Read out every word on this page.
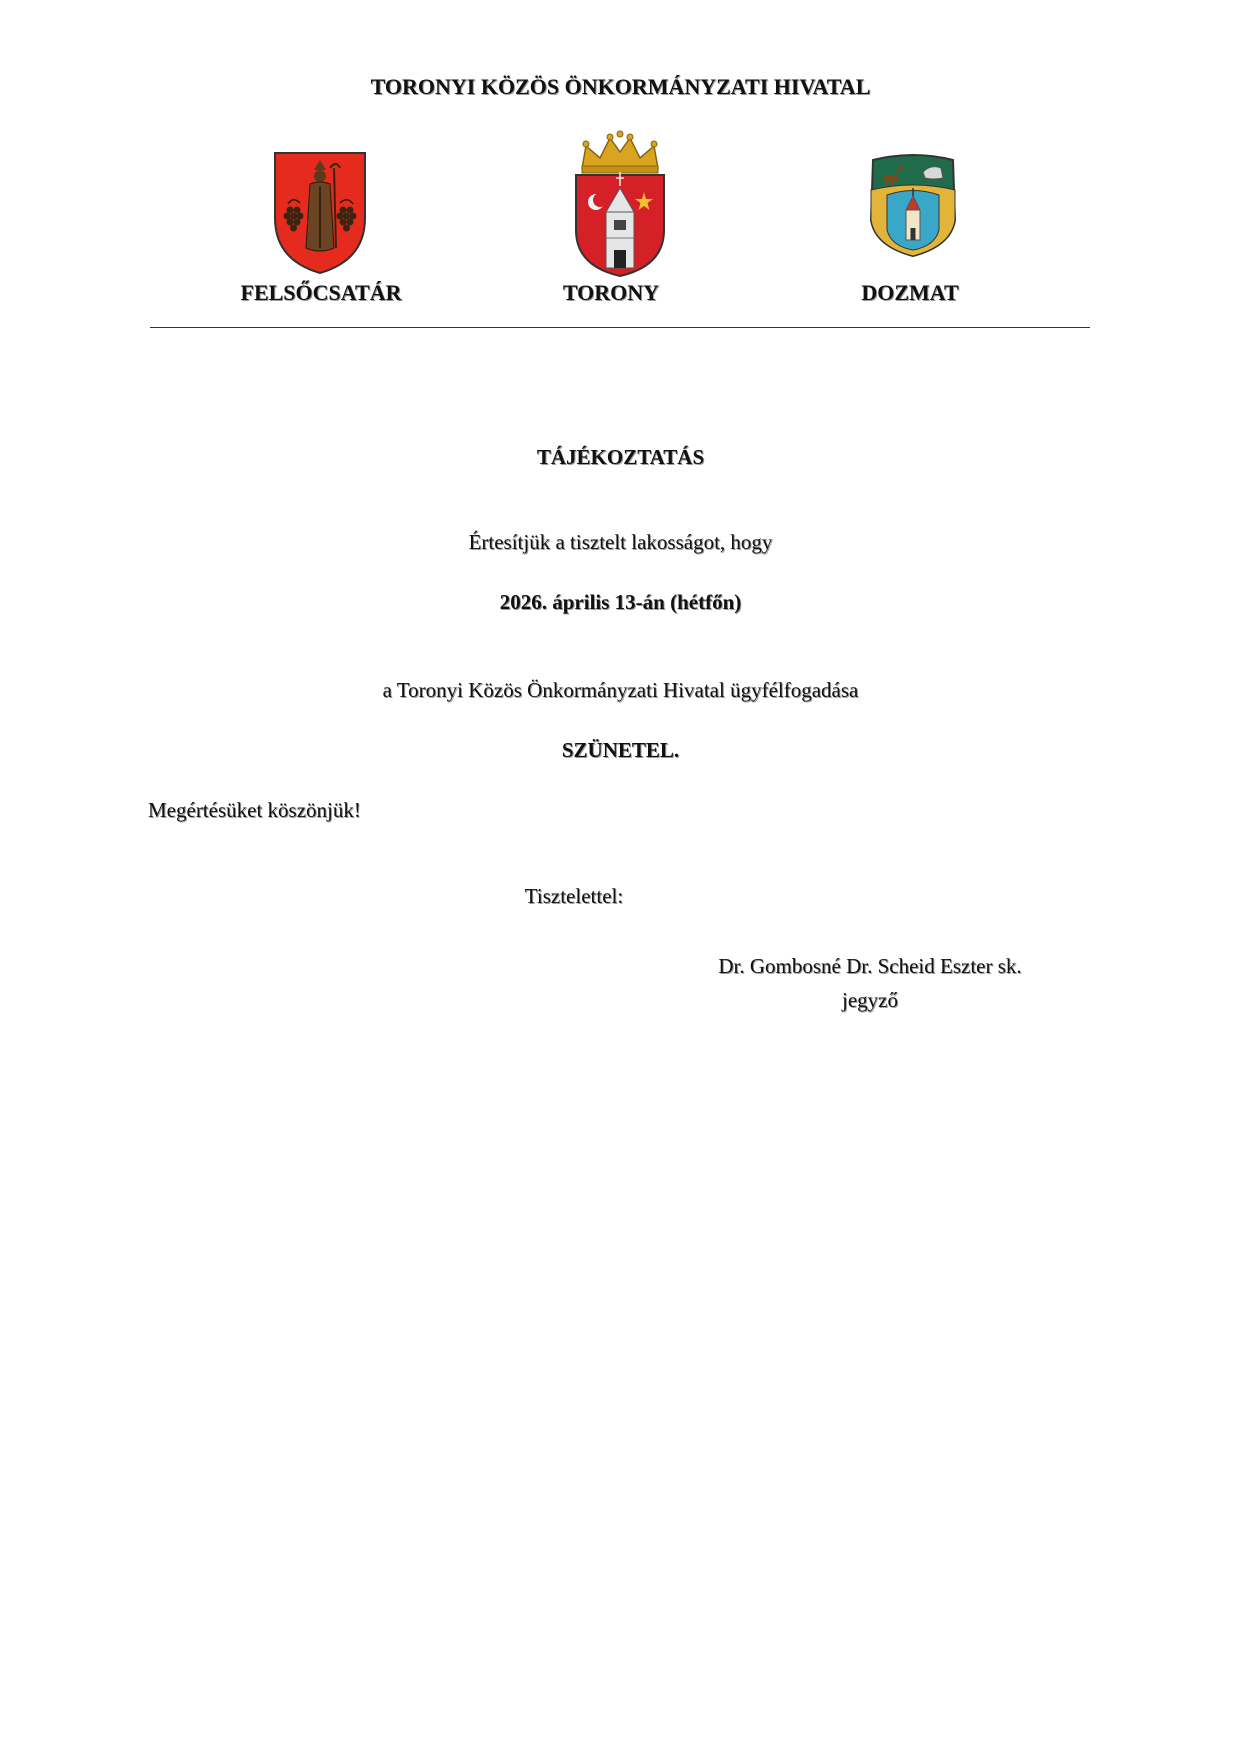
TORONYI KÖZÖS ÖNKORMÁNYZATI HIVATAL
FELSŐCSATÁR	TORONY	DOZMAT
TÁJÉKOZTATÁS
Értesítjük a tisztelt lakosságot, hogy
2026. április 13-án (hétfőn)
a Toronyi Közös Önkormányzati Hivatal ügyfélfogadása
SZÜNETEL.
Megértésüket köszönjük!
Tisztelettel:
Dr. Gombosné Dr. Scheid Eszter sk.
jegyző
